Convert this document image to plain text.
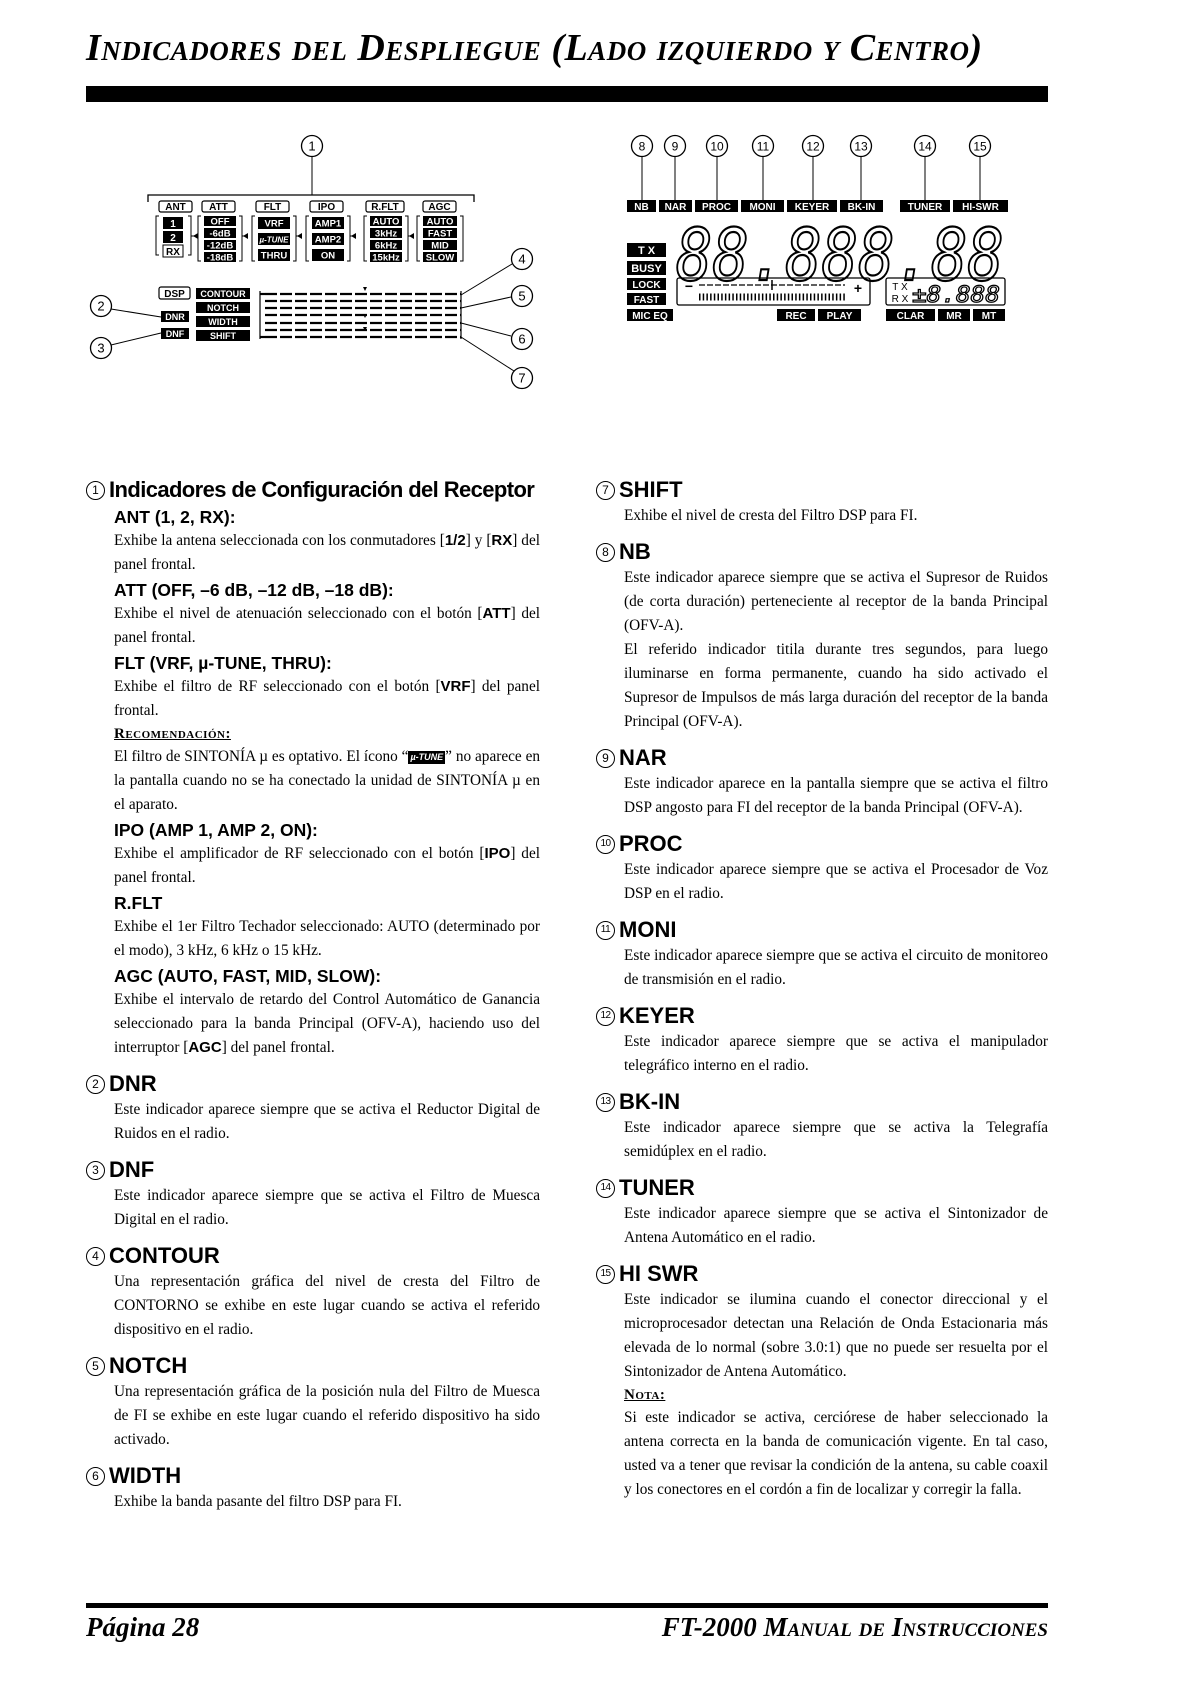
Indicadores del Despliegue (Lado izquierdo y Centro)
1
ANT
1
2
RX
ATT
OFF
-6dB
-12dB
-18dB
FLT
VRF
µ-TUNE
THRU
IPO
AMP1
AMP2
ON
R.FLT
AUTO
3kHz
6kHz
15kHz
AGC
AUTO
FAST
MID
SLOW
DSP
DNR
DNF
CONTOUR
NOTCH
WIDTH
SHIFT
2
3
4
5
6
7
8 9	10	11	12	13	14	15
NB NAR PROC MONI KEYER BK-IN	TUNER HI-SWR
T X
BUSY 88.888.88
LOCK
FAST
MIC EQ	REC PLAY	CLAR MR MT
−	+	T X
R X ±8.888
1 Indicadores de Configuración del Receptor
ANT (1, 2, RX):
Exhibe la antena seleccionada con los conmutadores [1/2] y [RX] del panel frontal.
ATT (OFF, –6 dB, –12 dB, –18 dB):
Exhibe el nivel de atenuación seleccionado con el botón [ATT] del panel frontal.
FLT (VRF, µ-TUNE, THRU):
Exhibe el filtro de RF seleccionado con el botón [VRF] del panel frontal.
Recomendación:
El filtro de SINTONÍA µ es optativo. El ícono “ µ-TUNE ” no aparece en la pantalla cuando no se ha conectado la unidad de SINTONÍA µ en el aparato.
IPO (AMP 1, AMP 2, ON):
Exhibe el amplificador de RF seleccionado con el botón [IPO] del panel frontal.
R.FLT
Exhibe el 1er Filtro Techador seleccionado: AUTO (determinado por el modo), 3 kHz, 6 kHz o 15 kHz.
AGC (AUTO, FAST, MID, SLOW):
Exhibe el intervalo de retardo del Control Automático de Ganancia seleccionado para la banda Principal (OFV-A), haciendo uso del interruptor [AGC] del panel frontal.
2 DNR
Este indicador aparece siempre que se activa el Reductor Digital de Ruidos en el radio.
3 DNF
Este indicador aparece siempre que se activa el Filtro de Muesca Digital en el radio.
4 CONTOUR
Una representación gráfica del nivel de cresta del Filtro de CONTORNO se exhibe en este lugar cuando se activa el referido dispositivo en el radio.
5 NOTCH
Una representación gráfica de la posición nula del Filtro de Muesca de FI se exhibe en este lugar cuando el referido dispositivo ha sido activado.
6 WIDTH
Exhibe la banda pasante del filtro DSP para FI.
7 SHIFT
Exhibe el nivel de cresta del Filtro DSP para FI.
8 NB
Este indicador aparece siempre que se activa el Supresor de Ruidos (de corta duración) perteneciente al receptor de la banda Principal (OFV-A).
El referido indicador titila durante tres segundos, para luego iluminarse en forma permanente, cuando ha sido activado el Supresor de Impulsos de más larga duración del receptor de la banda Principal (OFV-A).
9 NAR
Este indicador aparece en la pantalla siempre que se activa el filtro DSP angosto para FI del receptor de la banda Principal (OFV-A).
10 PROC
Este indicador aparece siempre que se activa el Procesador de Voz DSP en el radio.
11 MONI
Este indicador aparece siempre que se activa el circuito de monitoreo de transmisión en el radio.
12 KEYER
Este indicador aparece siempre que se activa el manipulador telegráfico interno en el radio.
13 BK-IN
Este indicador aparece siempre que se activa la Telegrafía semidúplex en el radio.
14 TUNER
Este indicador aparece siempre que se activa el Sintonizador de Antena Automático en el radio.
15 HI SWR
Este indicador se ilumina cuando el conector direccional y el microprocesador detectan una Relación de Onda Estacionaria más elevada de lo normal (sobre 3.0:1) que no puede ser resuelta por el Sintonizador de Antena Automático.
Nota:
Si este indicador se activa, cerciórese de haber seleccionado la antena correcta en la banda de comunicación vigente. En tal caso, usted va a tener que revisar la condición de la antena, su cable coaxil y los conectores en el cordón a fin de localizar y corregir la falla.
Página 28	FT-2000 Manual de Instrucciones
